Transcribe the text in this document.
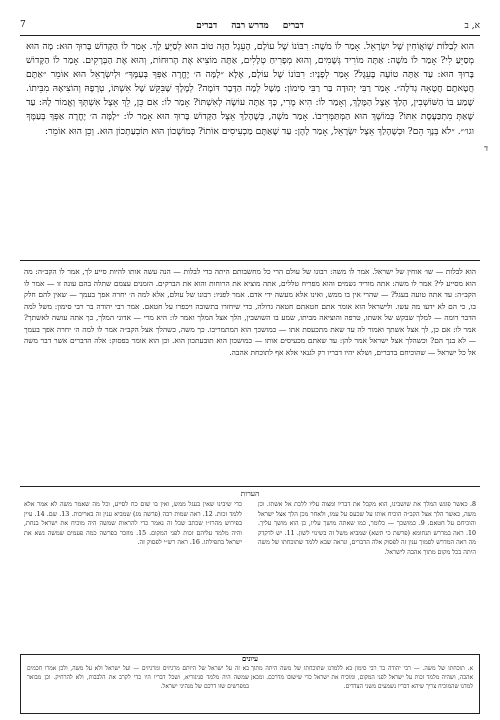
7	דברים
מדרש רבה
דברים	א, ב
הוא לְבַלּוֹת שֶׁוֹאֲוֹחִין שֶׁל יִשְׂרָאֵל. אָמַר לוֹ מֹשֶׁה: רִבּוֹנוֹ שֶׁל עוֹלָם, הָעֵגֶל הַזֶּה טוֹב הוּא לְסַיֵּעַ לָךְ. אָמַר לוֹ הַקָּדוֹשׁ בָּרוּךְ הוּא: מָה הוּא מְסַיֵּעַ לִי? אָמַר לוֹ מֹשֶׁה: אַתָּה מוֹרִיד גְּשָׁמִים, וְהוּא מְפָרִיחַ טְלָלִים, אַתָּה מוֹצִיא אֶת הָרוּחוֹת, וְהוּא אֶת הַבְּרָקִים. אָמַר לוֹ הַקָּדוֹשׁ בָּרוּךְ הוּא: עַד אַתָּה טוֹעֶה בָּעֵגֶל? אָמַר לְפָנָיו: רִבּוֹנוֹ שֶׁל עוֹלָם, אֶלָּא ״לָמָּה ה׳ יֶחֱרֶה אַפְּךָ בְּעַמֶּךָ״ וּלְיִשְׂרָאֵל הוּא אוֹמֵר ״אַתֶּם חֲטָאתֶם חֲטָאָה גְדֹלָה״. אָמַר רַבִּי יְהוּדָה בַּר רַבִּי סִימוֹן: מָשָׁל לְמָה הַדָּבָר דּוֹמֶה? לְמֶלֶךְ שֶׁבִּקֵּשׁ שֶׁל אִשְׁתּוֹ, טְרָפָהּ וְהוֹצִיאָהּ מִבֵּיתוֹ. שָׁמַע בּוֹ הַשּׁוֹשְׁבִין, הָלַךְ אֵצֶל הַמֶּלֶךְ, וְאָמַר לוֹ: הִיא מֶרִי, כָּךְ אַתָּה עוֹשֶׂה לְאִשְׁתּוֹ? אָמַר לוֹ: אִם כֵּן, לֵךְ אֵצֶל אִשְׁתְּךָ וְאֱמוֹר לָהּ: עַד שֶׁאַתְּ מִתְכַּעֶסֶת אִתּוֹ? כְּמוֹשֶׁךְ הוּא הַמְּתַּמְּרִיבוֹ. אָמַר מֹשֶׁה, כְּשֶׁהָלַךְ אֵצֶל הַקָּדוֹשׁ בָּרוּךְ הוּא אָמַר לוֹ: ״לָמָּה ה׳ יֶחֱרֶה אַפְּךָ בְּעַמֶּךָ וגו׳״. ״לֹא בְּנָךְ הֵם? וּכְשֶׁהָלַךְ אֵצֶל יִשְׂרָאֵל, אָמַר לָהֶן: עַד שֶׁאַתֶּם מַכְעִיסִים אוֹתוֹ? כְּמוֹשֶׁכוֹן הוּא תּוֹבְעַתְכוֹן הוּא. וְכֵן הוּא אוֹמֵר:
ד
הוא לבלות — שו׳ אוחין של ישראל. אמר לו משה: רבונו של עולם הרי כל מחשבותם היתה כדי לבלות — הנה עשה אותו להיות סייע לך, אמר לו הקב״ה: מה הוא מסייע לי? אמר לו משה: אתה מוריד גשמים והוא מפריח טללים, אתה מוציא את הרוחות והוא את הברקים. הזמנים עצמם שתלה בהם עונה זו — אמר לו הקב״ה: עד אתה טועה בעגל? — שהרי אין בו ממש, ואינו אלא מעשה ידי אדם. אמר לפניו: רבונו של עולם, אלא למה ה׳ יחרה אפך בעמך — שאין להם חלק בו, כי הם לא ידעו מה עשו. ולישראל הוא אומר אתם חטאתם חטאה גדולה, כדי שיחזרו בתשובה ויכפרו על חטאם. אמר רבי יהודה בר רבי סימון: משל למה הדבר דומה — למלך שבקש של אשתו, טרפה והוציאה מביתו, שמע בו השושבין, הלך אצל המלך ואמר לו: היא מרי — אדוני המלך, כך אתה עושה לאשתך? אמר לו: אם כן, לך אצל אשתך ואמור לה עד שאת מתכעסת אתו — כמושכך הוא המתמריבו. כך משה, כשהלך אצל הקב״ה אמר לו למה ה׳ יחרה אפך בעמך — לא בנך הם? וכשהלך אצל ישראל אמר להן: עד שאתם מכעיסים אותו — כמושכון הוא תובעתכון הוא. וכן הוא אומר בפסוק: אלה הדברים אשר דבר משה אל כל ישראל — שהוכיחם בדברים, ושלא יהיו דבריו רק לגנאי אלא אף לתוכחת אהבה.
הערות
8. כאשר פוגש המלך את שושבינו, הוא מקבל את דבריו ומצוה עליו ללכת אל אשתו. וכן משה, כאשר הלך אצל הקב״ה הוכיח אותו על שכעס על עמו, ולאחר מכן הלך אצל ישראל והוכיחם על חטאם. 9. כמושכך — כלומר, כמו שאתה מושך עליו, כן הוא מושך עליך. 10. ראה במדרש תנחומא (פרשת כי תשא) שמביא משל זה בשינוי לשון. 11. יש לדקדק מה ראה המדרש לסמוך ענין זה לפסוק אלה הדברים, ונראה שבא ללמד שתוכחתו של משה היתה בכל מקום מתוך אהבה לישראל.
כדי שיבינו שאין בעגל ממש, ואין בו שום כח לסייע, וכל מה שאמר משה לא אמר אלא ללמד זכות. 12. ראה שמות רבה (פרשה מג) שמביא ענין זה באריכות. 13. שם. 14. עיין בפירוש מהרז״ו שכתב שכל זה נאמר כדי להראות שמשה היה מוכיח את ישראל בנחת, והיה מלמד עליהם זכות לפני המקום. 15. מוזכר בפרשה כמה פעמים שמשה נשא את ישראל בתפילתו. 16. ראה רש״י לפסוק זה.
עיונים
א. תוכחתו של משה. — רבי יהודה בר רבי סימון בא ללמדנו שתוכחתו של משה היתה מתוך אהבה, ושהיה מלמד זכות על ישראל לפני המקום, ומוכיח את ישראל כדי שישובו מדרכם. ומכאן למדנו שהמוכיח צריך שיהא דבריו נשמעים משני הצדדים.
בא זה על ישראל של היותם מרגיזים ומרגיזים — ועל ישראל ולא על משה, ולכן אמרו חכמים שמשה היה מלמד סניגוריא, ושכל דבריו היו כדי לקרב את הלבבות, ולא להרחיק. וכן מבואר במפרשים שזו דרכם של מנהיגי ישראל.
